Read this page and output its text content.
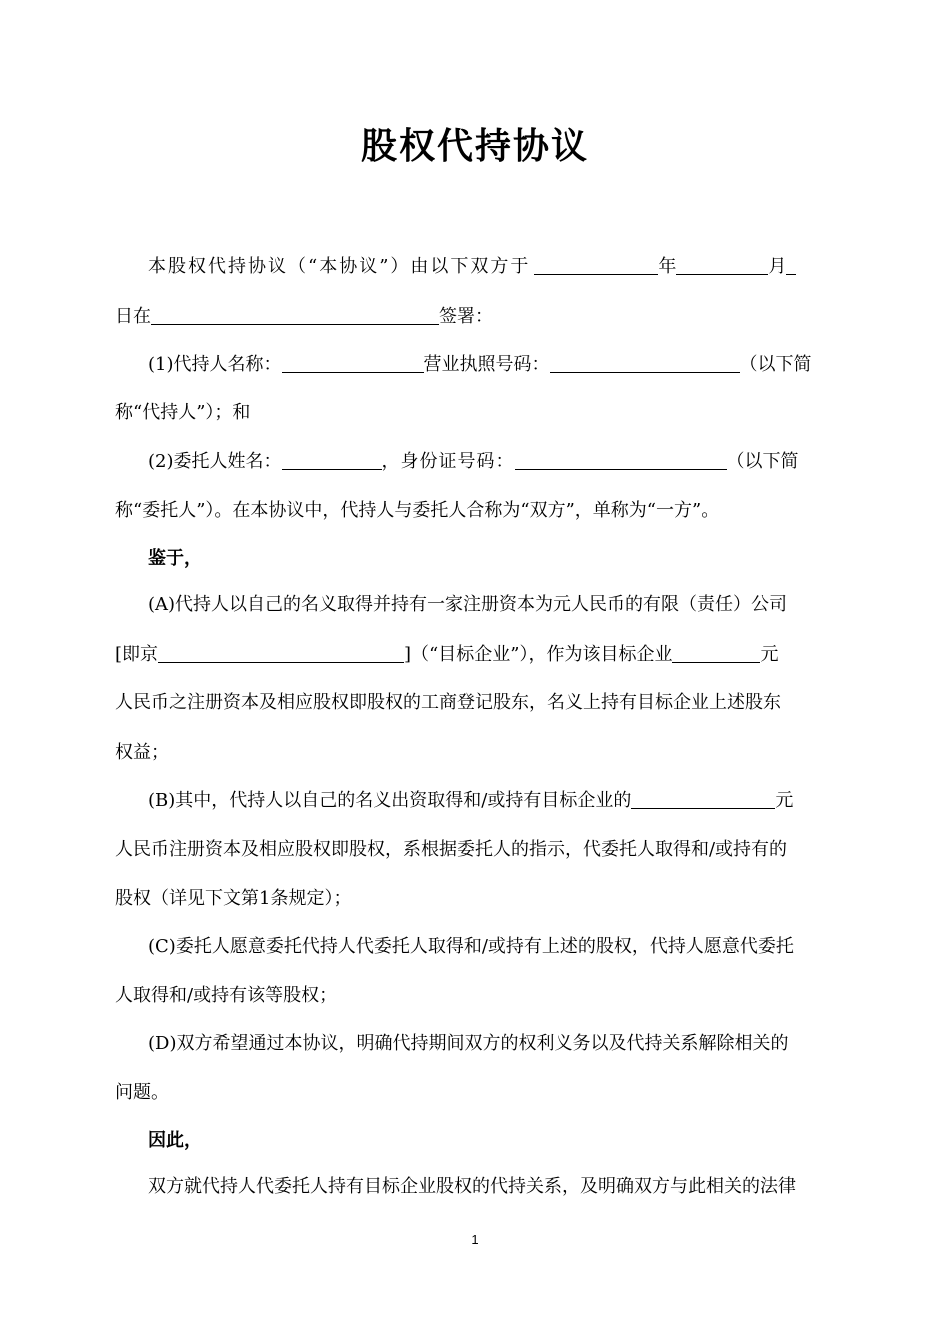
股权代持协议
本股权代持协议（“本协议”）由以下双方于	年	月
日在	签署：
(1)代持人名称：	营业执照号码：	（以下简
称“代持人”）；和
(2)委托人姓名：	，身份证号码：	（以下简
称“委托人”）。在本协议中，代持人与委托人合称为“双方”，单称为“一方”。
鉴于，
(A)代持人以自己的名义取得并持有一家注册资本为元人民币的有限（责任）公司
[即京	]（“目标企业”），作为该目标企业	元
人民币之注册资本及相应股权即股权的工商登记股东，名义上持有目标企业上述股东
权益；
(B)其中，代持人以自己的名义出资取得和/或持有目标企业的	元
人民币注册资本及相应股权即股权，系根据委托人的指示，代委托人取得和/或持有的
股权（详见下文第1条规定）；
(C)委托人愿意委托代持人代委托人取得和/或持有上述的股权，代持人愿意代委托
人取得和/或持有该等股权；
(D)双方希望通过本协议，明确代持期间双方的权利义务以及代持关系解除相关的
问题。
因此，
双方就代持人代委托人持有目标企业股权的代持关系，及明确双方与此相关的法律
1
